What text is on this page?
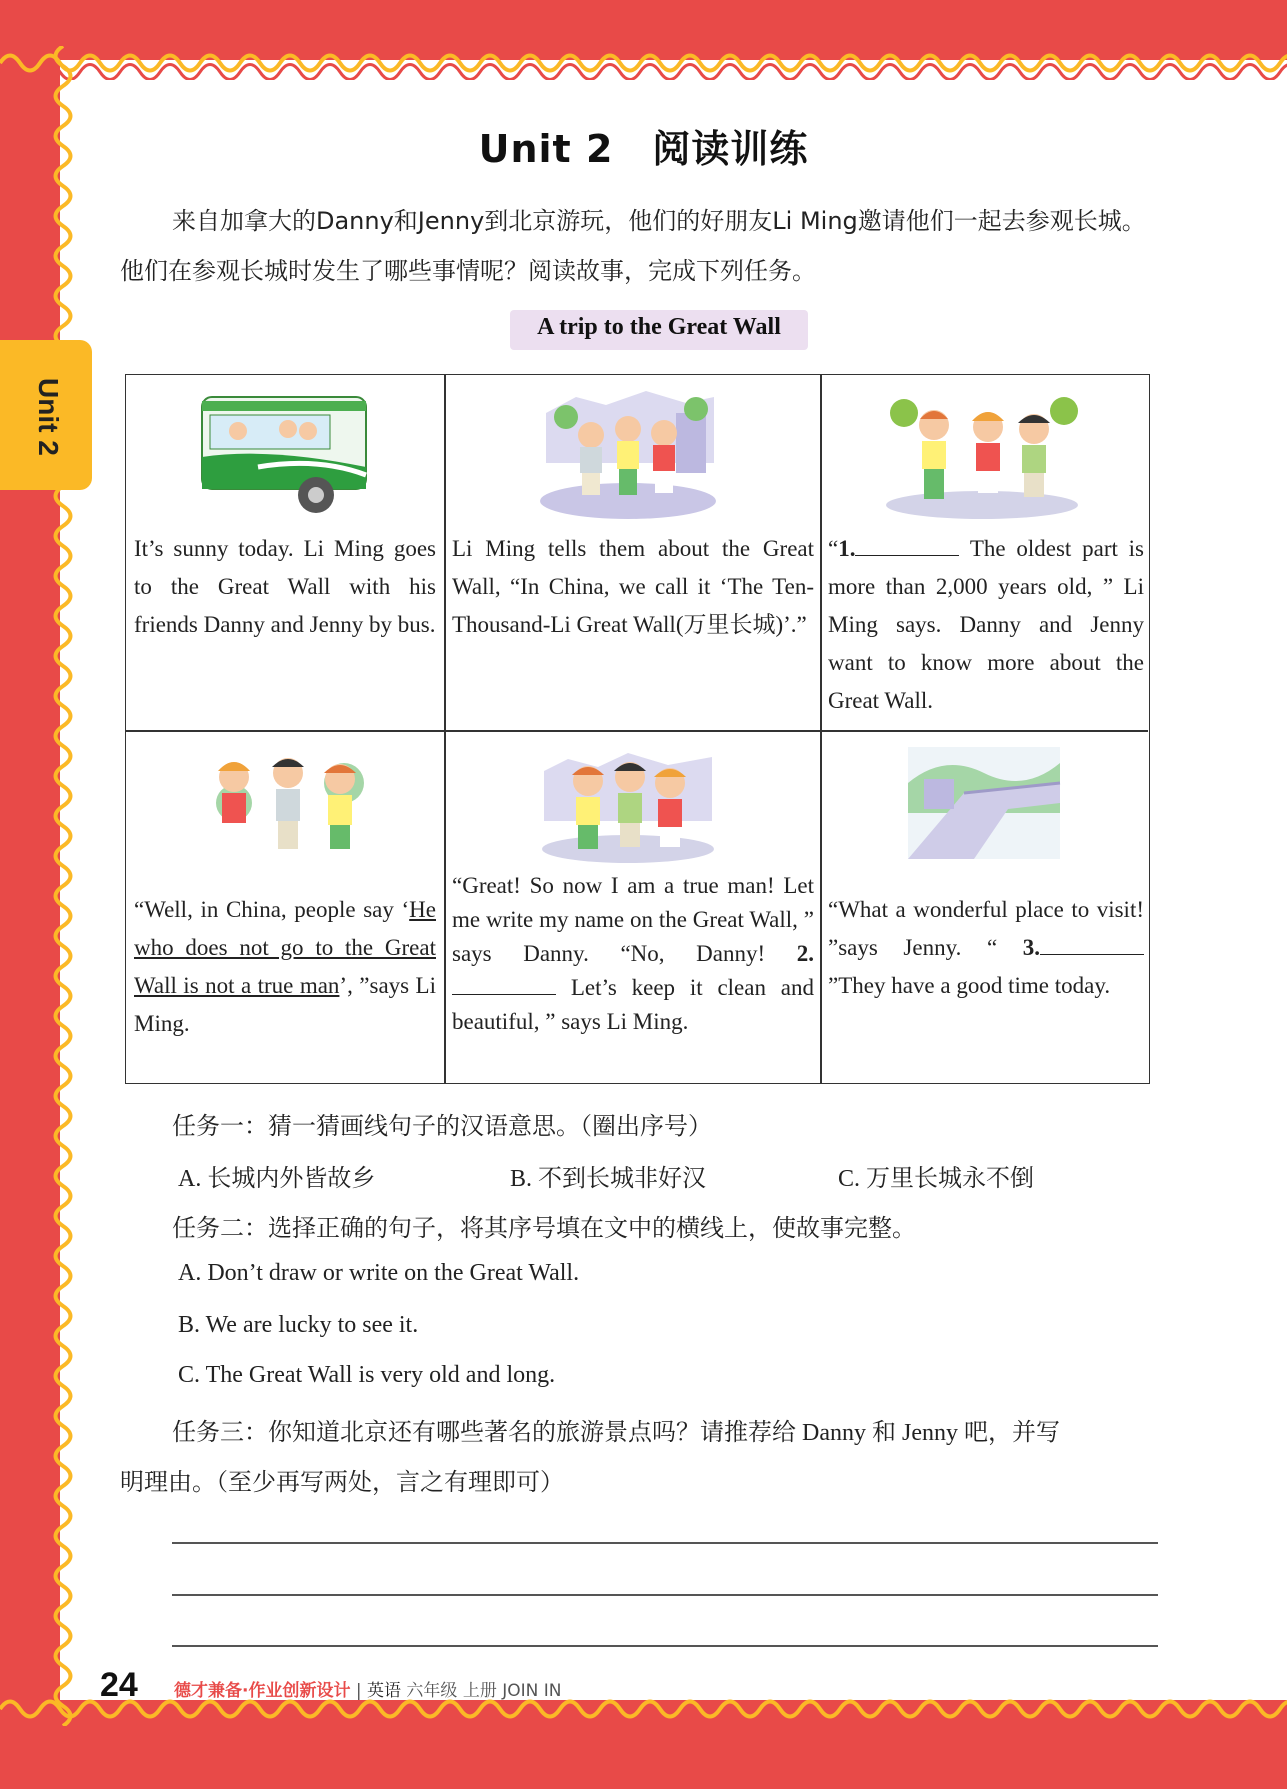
Unit 2
Unit 2　阅读训练
来自加拿大的Danny和Jenny到北京游玩，他们的好朋友Li Ming邀请他们一起去参观长城。他们在参观长城时发生了哪些事情呢？阅读故事，完成下列任务。
A trip to the Great Wall
It’s sunny today. Li Ming goes to the Great Wall with his friends Danny and Jenny by bus.
Li Ming tells them about the Great Wall, “In China, we call it ‘The Ten-Thousand-Li Great Wall(万里长城)’.”
“1.	The oldest part is more than 2,000 years old, ” Li Ming says. Danny and Jenny want to know more about the Great Wall.
“Well, in China, people say ‘He who does not go to the Great Wall is not a true man’, ”says Li Ming.
“Great! So now I am a true man! Let me write my name on the Great Wall, ” says Danny. “No, Danny! 2. Let’s keep it clean and beautiful, ” says Li Ming.
“What a wonderful place to visit! ”says Jenny. “ 3. ”They have a good time today.
任务一：猜一猜画线句子的汉语意思。（圈出序号）
A. 长城内外皆故乡	B. 不到长城非好汉	C. 万里长城永不倒
任务二：选择正确的句子，将其序号填在文中的横线上，使故事完整。
A. Don’t draw or write on the Great Wall.
B. We are lucky to see it.
C. The Great Wall is very old and long.
任务三：你知道北京还有哪些著名的旅游景点吗？请推荐给 Danny 和 Jenny 吧，并写
明理由。（至少再写两处，言之有理即可）
24 德才兼备·作业创新设计 | 英语 六年级 上册 JOIN IN
